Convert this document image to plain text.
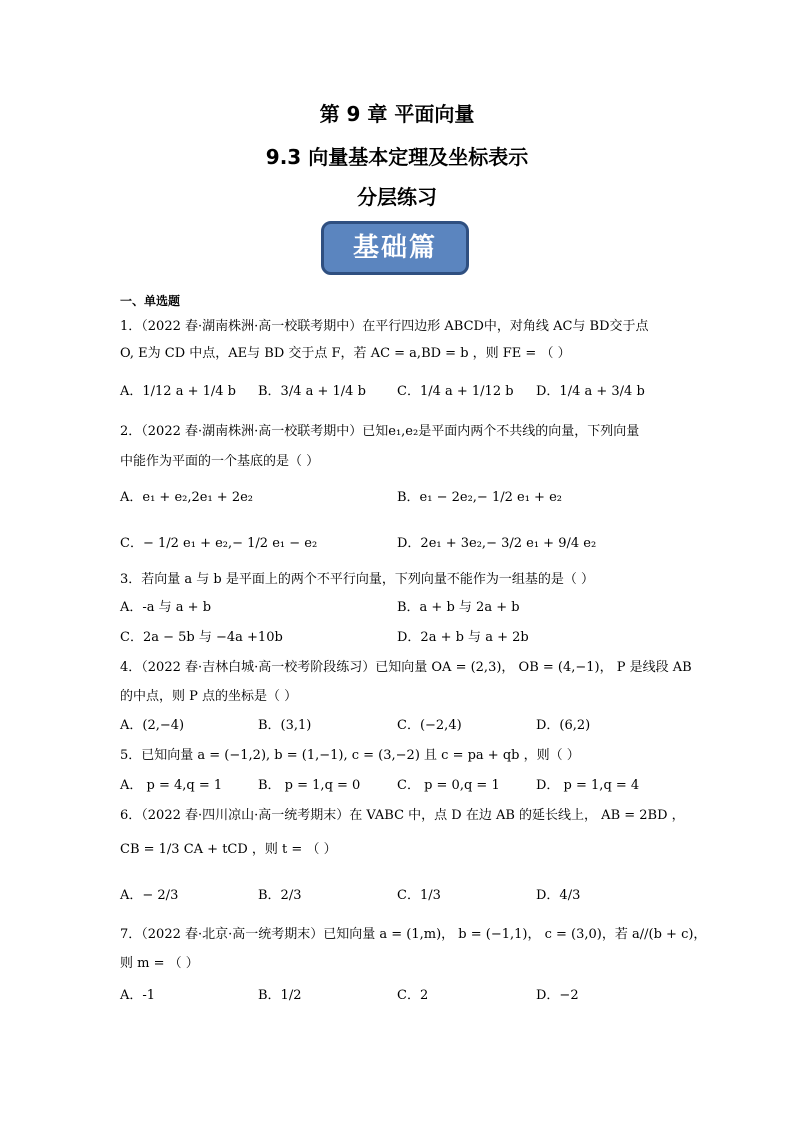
第 9 章 平面向量
9.3 向量基本定理及坐标表示
分层练习
基础篇
一、单选题
1．（2022 春·湖南株洲·高一校联考期中）在平行四边形 ABCD中，对角线 AC与 BD交于点
O, E为 CD 中点，AE与 BD 交于点 F，若 AC = a,BD = b ，则 FE = （ ）
A．1/12 a + 1/4 b B．3/4 a + 1/4 b C．1/4 a + 1/12 b D．1/4 a + 3/4 b
2．（2022 春·湖南株洲·高一校联考期中）已知e₁,e₂是平面内两个不共线的向量，下列向量
中能作为平面的一个基底的是（ ）
A．e₁ + e₂,2e₁ + 2e₂	B．e₁ − 2e₂,− 1/2 e₁ + e₂
C．− 1/2 e₁ + e₂,− 1/2 e₁ − e₂	D．2e₁ + 3e₂,− 3/2 e₁ + 9/4 e₂
3．若向量 a 与 b 是平面上的两个不平行向量，下列向量不能作为一组基的是（ ）
A．-a 与 a + b	B．a + b 与 2a + b
C．2a − 5b 与 −4a +10b	D．2a + b 与 a + 2b
4．（2022 春·吉林白城·高一校考阶段练习）已知向量 OA = (2,3)， OB = (4,−1)， P 是线段 AB
的中点，则 P 点的坐标是（ ）
A．(2,−4)	B．(3,1)	C．(−2,4)	D．(6,2)
5．已知向量 a = (−1,2), b = (1,−1), c = (3,−2) 且 c = pa + qb ，则（ ）
A． p = 4,q = 1	B． p = 1,q = 0	C． p = 0,q = 1	D． p = 1,q = 4
6．（2022 春·四川凉山·高一统考期末）在 VABC 中，点 D 在边 AB 的延长线上， AB = 2BD ，
CB = 1/3 CA + tCD ，则 t = （ ）
A．− 2/3	B．2/3	C．1/3	D．4/3
7．（2022 春·北京·高一统考期末）已知向量 a = (1,m)， b = (−1,1)， c = (3,0)，若 a//(b + c)，
则 m = （ ）
A．-1	B．1/2	C．2	D．−2
